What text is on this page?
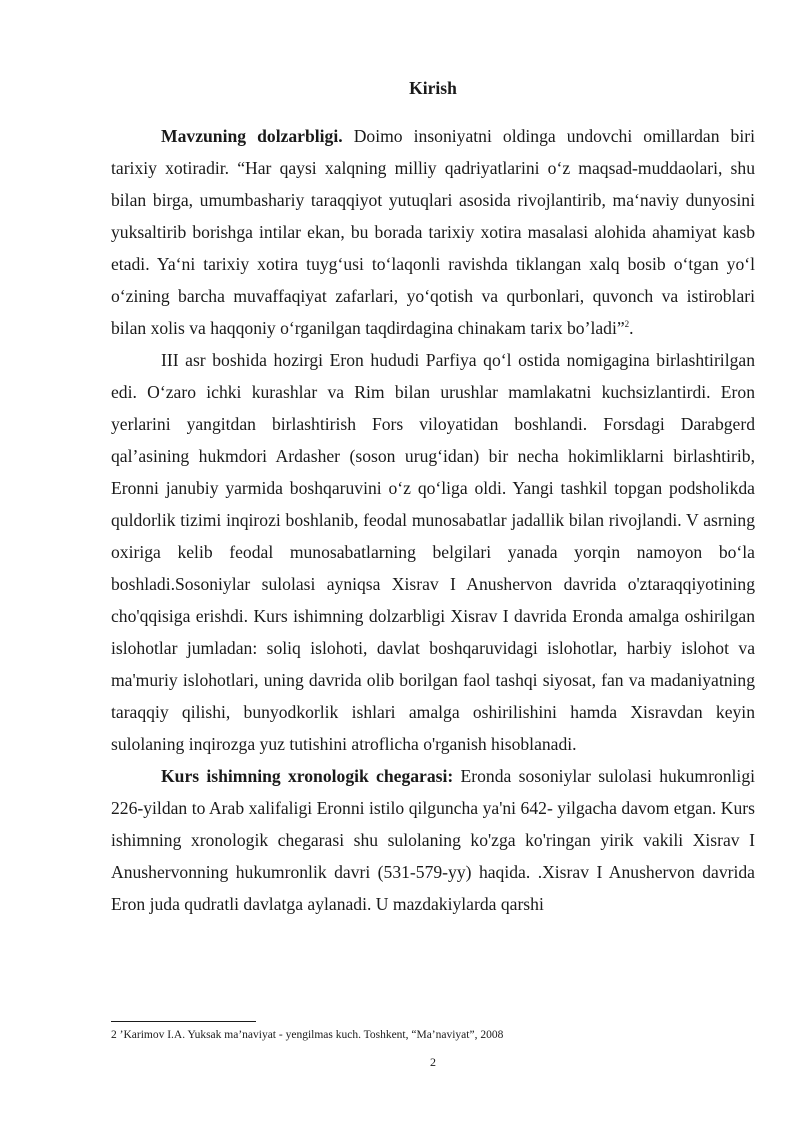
Kirish

Mavzuning dolzarbligi. Doimo insoniyatni oldinga undovchi omillardan biri tarixiy xotiradir. “Har qaysi xalqning milliy qadriyatlarini o‘z maqsad-muddaolari, shu bilan birga, umumbashariy taraqqiyot yutuqlari asosida rivojlantirib, ma‘naviy dunyosini yuksaltirib borishga intilar ekan, bu borada tarixiy xotira masalasi alohida ahamiyat kasb etadi. Ya‘ni tarixiy xotira tuyg‘usi to‘laqonli ravishda tiklangan xalq bosib o‘tgan yo‘l o‘zining barcha muvaffaqiyat zafarlari, yo‘qotish va qurbonlari, quvonch va istiroblari bilan xolis va haqqoniy o‘rganilgan taqdirdagina chinakam tarix bo’ladi”$^2$.

III asr boshida hozirgi Eron hududi Parfiya qo‘l ostida nomigagina birlashtirilgan edi. O‘zaro ichki kurashlar va Rim bilan urushlar mamlakatni kuchsizlantirdi. Eron yerlarini yangitdan birlashtirish Fors viloyatidan boshlandi. Forsdagi Darabgerd qal’asining hukmdori Ardasher (soson urug‘idan) bir necha hokimliklarni birlashtirib, Eronni janubiy yarmida boshqaruvini o‘z qo‘liga oldi. Yangi tashkil topgan podsholikda quldorlik tizimi inqirozi boshlanib, feodal munosabatlar jadallik bilan rivojlandi. V asrning oxiriga kelib feodal munosabatlarning belgilari yanada yorqin namoyon bo‘la boshladi.Sosoniylar sulolasi ayniqsa Xisrav I Anushervon davrida o'ztaraqqiyotining cho'qqisiga erishdi. Kurs ishimning dolzarbligi Xisrav I davrida Eronda amalga oshirilgan islohotlar jumladan: soliq islohoti, davlat boshqaruvidagi islohotlar, harbiy islohot va ma'muriy islohotlari, uning davrida olib borilgan faol tashqi siyosat, fan va madaniyatning taraqqiy qilishi, bunyodkorlik ishlari amalga oshirilishini hamda Xisravdan keyin sulolaning inqirozga yuz tutishini atroflicha o'rganish hisoblanadi.

Kurs ishimning xronologik chegarasi: Eronda sosoniylar sulolasi hukumronligi 226-yildan to Arab xalifaligi Eronni istilo qilguncha ya'ni 642- yilgacha davom etgan. Kurs ishimning xronologik chegarasi shu sulolaning ko'zga ko'ringan yirik vakili Xisrav I Anushervonning hukumronlik davri (531-579-yy) haqida. .Xisrav I Anushervon davrida Eron juda qudratli davlatga aylanadi. U mazdakiylarda qarshi

2 ’Karimov I.A. Yuksak ma’naviyat - yengilmas kuch. Toshkent, “Ma’naviyat”, 2008

2
